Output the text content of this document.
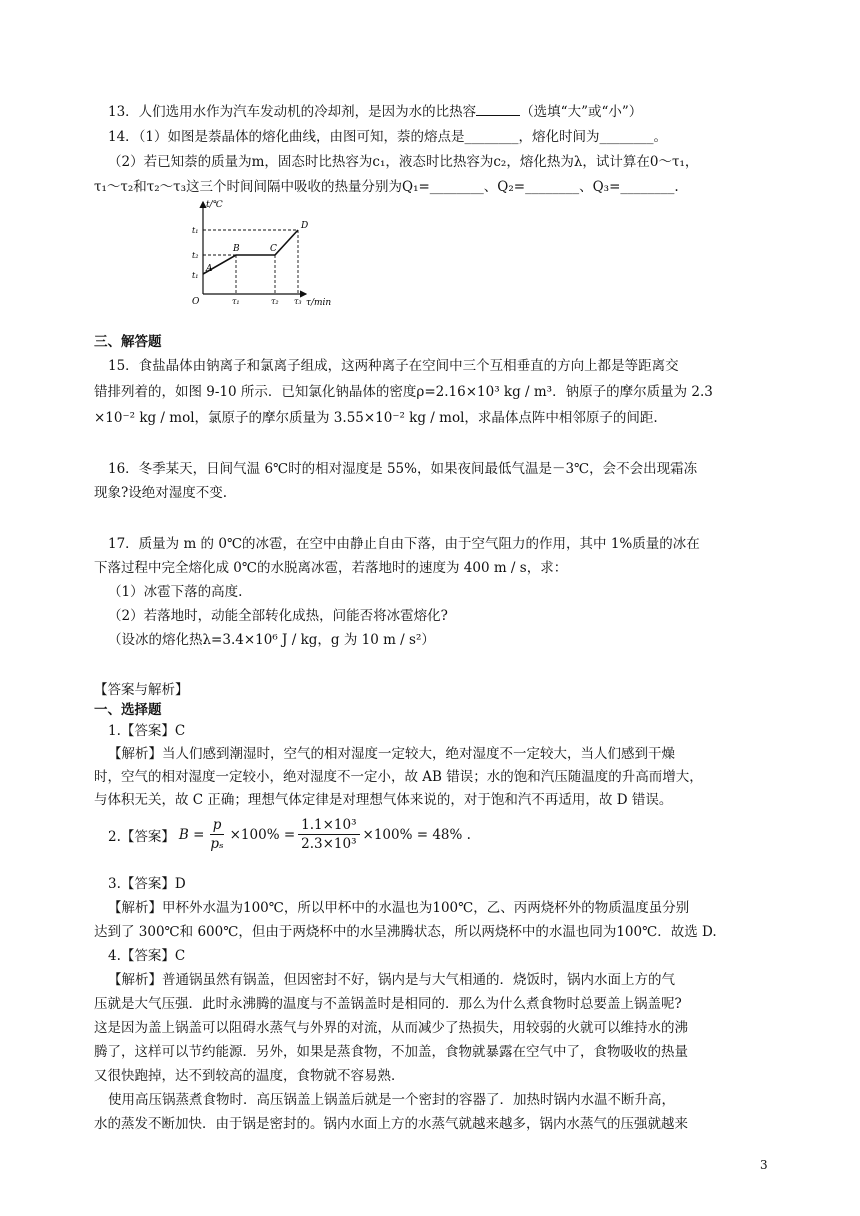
13．人们选用水作为汽车发动机的冷却剂，是因为水的比热容	（选填“大”或“小”）
14．（1）如图是萘晶体的熔化曲线，由图可知，萘的熔点是________，熔化时间为________。
（2）若已知萘的质量为m，固态时比热容为c₁，液态时比热容为c₂，熔化热为λ，试计算在0～τ₁，
τ₁～τ₂和τ₂～τ₃这三个时间间隔中吸收的热量分别为Q₁=________、Q₂=________、Q₃=________.
t/℃
τ/min
O
t₁
t₂
t₁
τ₁	τ₂ τ₃
A
B	C
D
三、解答题
15．食盐晶体由钠离子和氯离子组成，这两种离子在空间中三个互相垂直的方向上都是等距离交
错排列着的，如图 9-10 所示．已知氯化钠晶体的密度ρ=2.16×10³ kg / m³．钠原子的摩尔质量为 2.3
×10⁻² kg / mol，氯原子的摩尔质量为 3.55×10⁻² kg / mol，求晶体点阵中相邻原子的间距.
16．冬季某天，日间气温 6℃时的相对湿度是 55%，如果夜间最低气温是－3℃，会不会出现霜冻
现象?设绝对湿度不变.
17．质量为 m 的 0℃的冰雹，在空中由静止自由下落，由于空气阻力的作用，其中 1%质量的冰在
下落过程中完全熔化成 0℃的水脱离冰雹，若落地时的速度为 400 m / s，求：
（1）冰雹下落的高度.
（2）若落地时，动能全部转化成热，问能否将冰雹熔化?
（设冰的熔化热λ=3.4×10⁶ J / kg，g 为 10 m / s²）
【答案与解析】
一、选择题
1.【答案】C
【解析】当人们感到潮湿时，空气的相对湿度一定较大，绝对湿度不一定较大，当人们感到干燥
时，空气的相对湿度一定较小，绝对湿度不一定小，故 AB 错误；水的饱和汽压随温度的升高而增大，
与体积无关，故 C 正确；理想气体定律是对理想气体来说的，对于饱和汽不再适用，故 D 错误。
2.【答案】 $B = \frac{p}{\text{pₛ}} \times 100\% = \frac{\text{1.1×10³}}{\text{2.3×10³}} \times 100\% = 48\%$ .
3.【答案】D
【解析】甲杯外水温为100℃，所以甲杯中的水温也为100℃，乙、丙两烧杯外的物质温度虽分别
达到了 300℃和 600℃，但由于两烧杯中的水呈沸腾状态，所以两烧杯中的水温也同为100℃．故选 D.
4.【答案】C
【解析】普通锅虽然有锅盖，但因密封不好，锅内是与大气相通的．烧饭时，锅内水面上方的气
压就是大气压强．此时永沸腾的温度与不盖锅盖时是相同的．那么为什么煮食物时总要盖上锅盖呢?
这是因为盖上锅盖可以阻碍水蒸气与外界的对流，从而减少了热损失，用较弱的火就可以维持水的沸
腾了，这样可以节约能源．另外，如果是蒸食物，不加盖，食物就暴露在空气中了，食物吸收的热量
又很快跑掉，达不到较高的温度，食物就不容易熟．
使用高压锅蒸煮食物时．高压锅盖上锅盖后就是一个密封的容器了．加热时锅内水温不断升高，
水的蒸发不断加快．由于锅是密封的。锅内水面上方的水蒸气就越来越多，锅内水蒸气的压强就越来
3
